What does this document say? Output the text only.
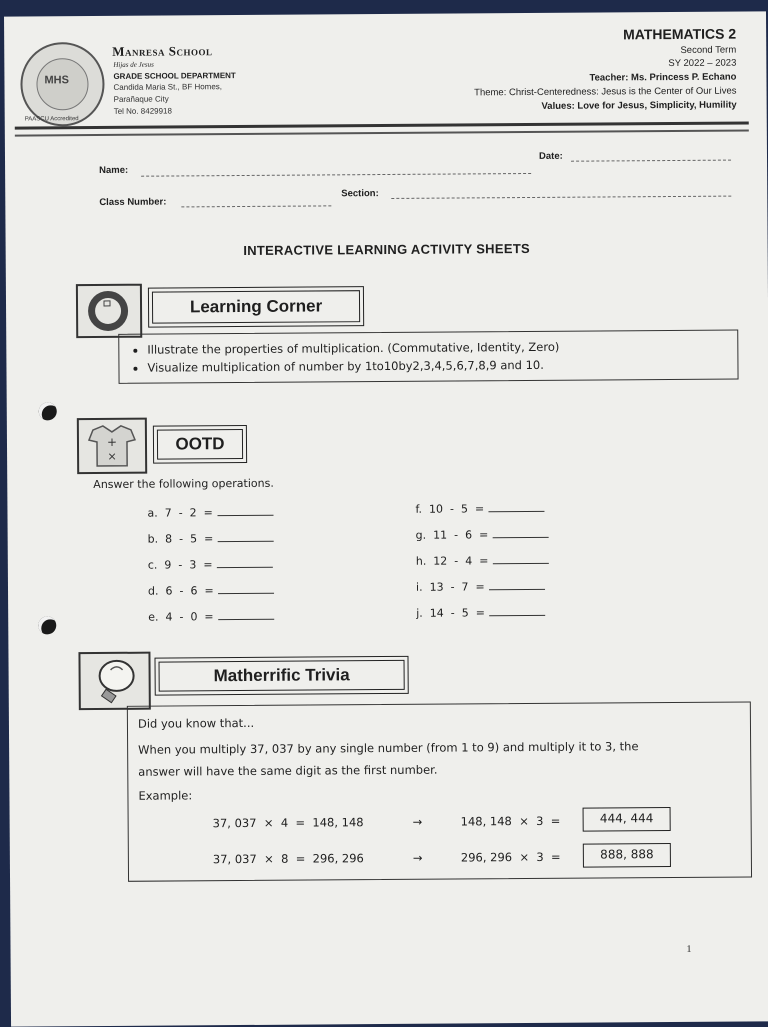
MHS
PAASCU Accredited
Manresa School
Hijas de Jesus
GRADE SCHOOL DEPARTMENT
Candida Maria St., BF Homes,
Parañaque City
Tel No. 8429918
MATHEMATICS 2
Second Term
SY 2022 – 2023
Teacher: Ms. Princess P. Echano
Theme: Christ-Centeredness: Jesus is the Center of Our Lives
Values: Love for Jesus, Simplicity, Humility
Name:
Date:
Class Number:
Section:
INTERACTIVE LEARNING ACTIVITY SHEETS
Learning Corner
• Illustrate the properties of multiplication. (Commutative, Identity, Zero)
• Visualize multiplication of number by 1to10by2,3,4,5,6,7,8,9 and 10.
+
×
OOTD
Answer the following operations.
a.  7  -  2  =
b.  8  -  5  =
c.  9  -  3  =
d.  6  -  6  =
e.  4  -  0  =
f.  10  -  5  =
g.  11  -  6  =
h.  12  -  4  =
i.  13  -  7  =
j.  14  -  5  =
Matherrific Trivia
Did you know that...
When you multiply 37, 037 by any single number (from 1 to 9) and multiply it to 3, the
answer will have the same digit as the first number.
Example:
37, 037  ×  4  =  148, 148	→	148, 148  ×  3  =	444, 444
37, 037  ×  8  =  296, 296	→	296, 296  ×  3  =	888, 888
1
